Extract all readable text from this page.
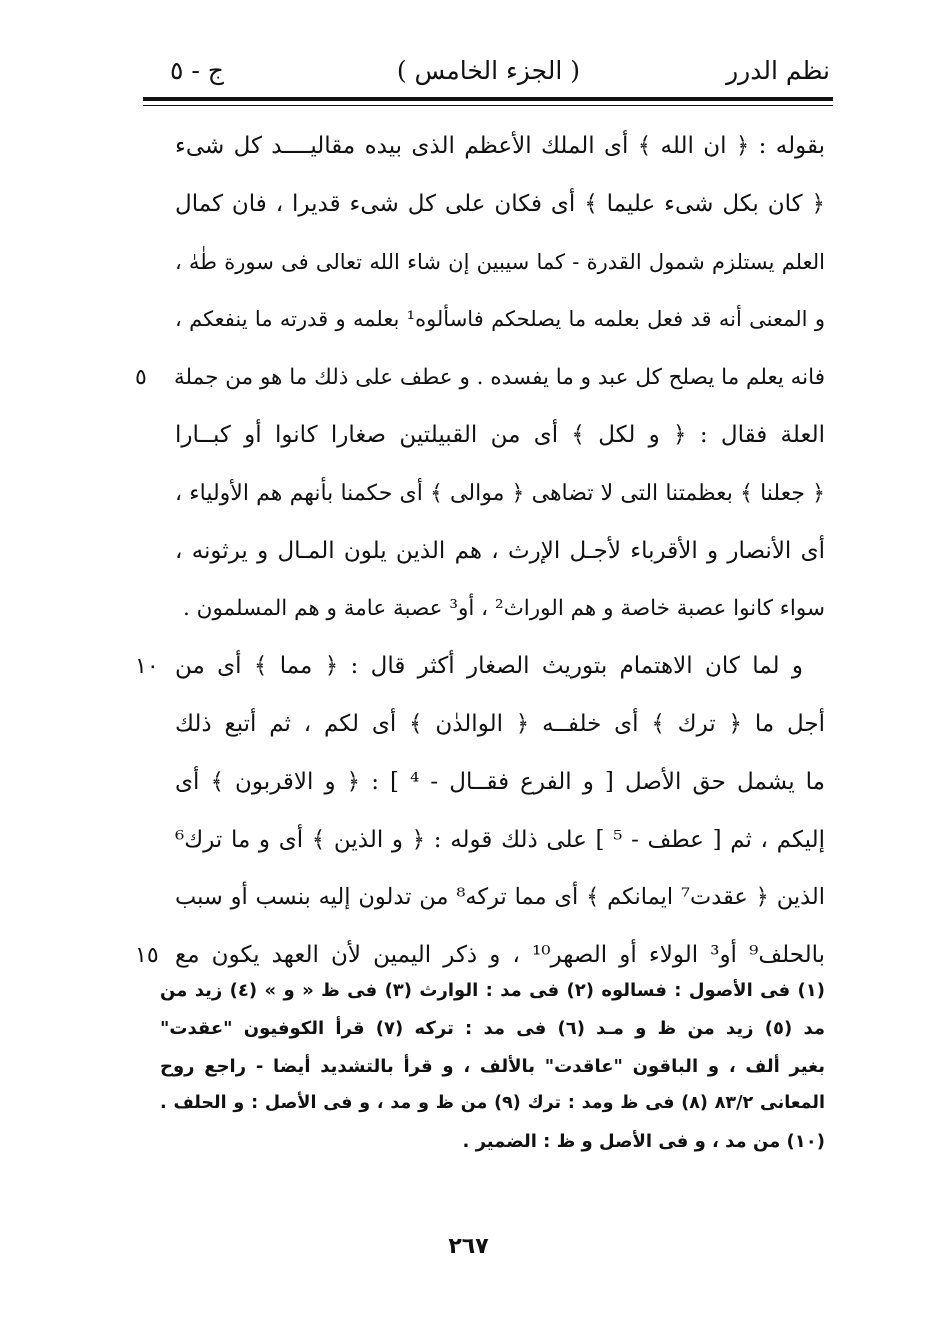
نظم الدرر
( الجزء الخامس )
ج - ٥
بقوله : ﴿ ان الله ﴾ أى الملك الأعظم الذى بيده مقاليــــد كل شىء
﴿ كان بكل شىء عليما ﴾ أى فكان على كل شىء قديرا ، فان كمال
العلم يستلزم شمول القدرة - كما سيبين إن شاء الله تعالى فى سورة طٰهٰ ،
و المعنى أنه قد فعل بعلمه ما يصلحكم فاسألوه¹ بعلمه و قدرته ما ينفعكم ،
فانه يعلم ما يصلح كل عبد و ما يفسده . و عطف على ذلك ما هو من جملة
٥
العلة فقال : ﴿ و لكل ﴾ أى من القبيلتين صغارا كانوا أو كبــارا
﴿ جعلنا ﴾ بعظمتنا التى لا تضاهى ﴿ موالى ﴾ أى حكمنا بأنهم هم الأولياء ،
أى الأنصار و الأقرباء لأجـل الإرث ، هم الذين يلون المـال و يرثونه ،
سواء كانوا عصبة خاصة و هم الوراث² ، أو³ عصبة عامة و هم المسلمون .
و لما كان الاهتمام بتوريث الصغار أكثر قال : ﴿ مما ﴾ أى من
١٠
أجل ما ﴿ ترك ﴾ أى خلفــه ﴿ الوالدٰن ﴾ أى لكم ، ثم أتبع ذلك
ما يشمل حق الأصل [ و الفرع فقــال - ⁴ ] : ﴿ و الاقربون ﴾ أى
إليكم ، ثم [ عطف - ⁵ ] على ذلك قوله : ﴿ و الذين ﴾ أى و ما ترك⁶
الذين ﴿ عقدت⁷ ايمانكم ﴾ أى مما تركه⁸ من تدلون إليه بنسب أو سبب
بالحلف⁹ أو³ الولاء أو الصهر¹⁰ ، و ذكر اليمين لأن العهد يكون مع
١٥
(١) فى الأصول : فسالوه (٢) فى مد : الوارث (٣) فى ظ « و » (٤) زيد من
مد (٥) زيد من ظ و مـد (٦) فى مد : تركه (٧) قرأ الكوفيون "عقدت"
بغير ألف ، و الباقون "عاقدت" بالألف ، و قرأ بالتشديد أيضا - راجع روح
المعانى ٨٣/٢ (٨) فى ظ ومد : ترك (٩) من ظ و مد ، و فى الأصل : و الحلف .
(١٠) من مد ، و فى الأصل و ظ : الضمير .
٢٦٧
